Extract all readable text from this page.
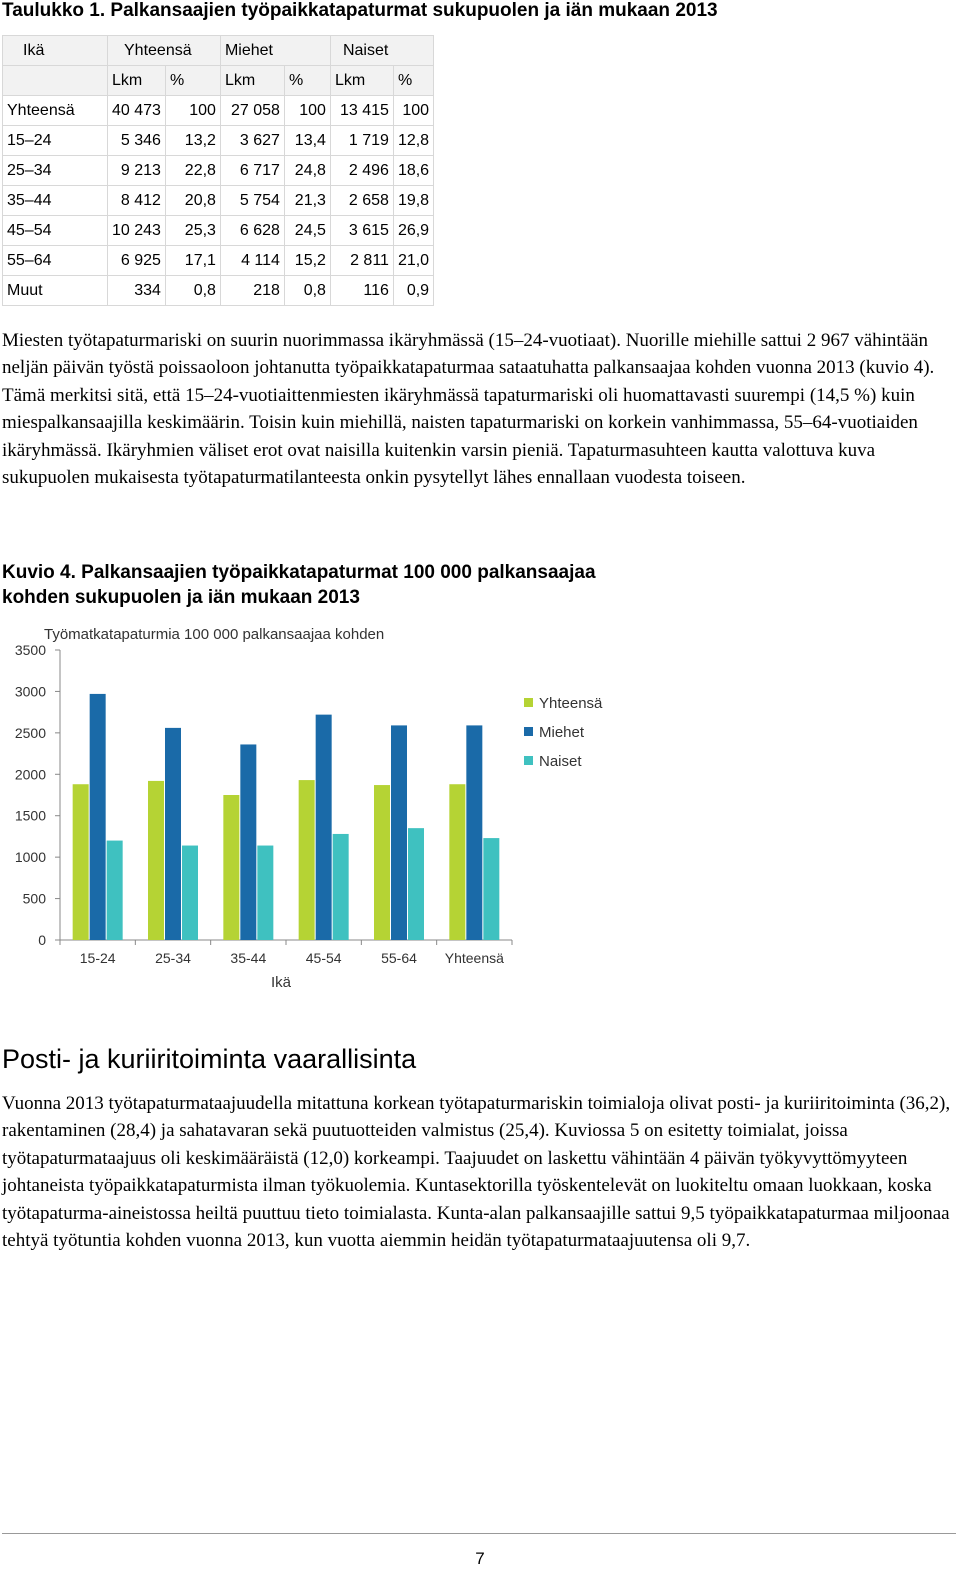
Taulukko 1. Palkansaajien työpaikkatapaturmat sukupuolen ja iän mukaan 2013
Ikä	Yhteensä		Miehet		Naiset	
	Lkm	%	Lkm	%	Lkm	%
Yhteensä	40 473	100	27 058	100	13 415	100
15–24	5 346	13,2	3 627	13,4	1 719	12,8
25–34	9 213	22,8	6 717	24,8	2 496	18,6
35–44	8 412	20,8	5 754	21,3	2 658	19,8
45–54	10 243	25,3	6 628	24,5	3 615	26,9
55–64	6 925	17,1	4 114	15,2	2 811	21,0
Muut	334	0,8	218	0,8	116	0,9

Miesten työtapaturmariski on suurin nuorimmassa ikäryhmässä (15–24-vuotiaat). Nuorille miehille sattui 2 967 vähintään neljän päivän työstä poissaoloon johtanutta työpaikkatapaturmaa sataatuhatta palkansaajaa kohden vuonna 2013 (kuvio 4). Tämä merkitsi sitä, että 15–24-vuotiaittenmiesten ikäryhmässä tapaturmariski oli huomattavasti suurempi (14,5 %) kuin miespalkansaajilla keskimäärin. Toisin kuin miehillä, naisten tapaturmariski on korkein vanhimmassa, 55–64-vuotiaiden ikäryhmässä. Ikäryhmien väliset erot ovat naisilla kuitenkin varsin pieniä. Tapaturmasuhteen kautta valottuva kuva sukupuolen mukaisesta työtapaturmatilanteesta onkin pysytellyt lähes ennallaan vuodesta toiseen.

Kuvio 4. Palkansaajien työpaikkatapaturmat 100 000 palkansaajaa
kohden sukupuolen ja iän mukaan 2013
Työmatkatapaturmia 100 000 palkansaajaa kohden
0
500
1000
1500
2000
2500
3000
3500
15-24	25-34	35-44	45-54	55-64 Yhteensä
Yhteensä
Miehet
Naiset
Ikä
Posti- ja kuriiritoiminta vaarallisinta

Vuonna 2013 työtapaturmataajuudella mitattuna korkean työtapaturmariskin toimialoja olivat posti- ja kuriiritoiminta (36,2), rakentaminen (28,4) ja sahatavaran sekä puutuotteiden valmistus (25,4). Kuviossa 5 on esitetty toimialat, joissa työtapaturmataajuus oli keskimääräistä (12,0) korkeampi. Taajuudet on laskettu vähintään 4 päivän työkyvyttömyyteen johtaneista työpaikkatapaturmista ilman työkuolemia. Kuntasektorilla työskentelevät on luokiteltu omaan luokkaan, koska työtapaturma-aineistossa heiltä puuttuu tieto toimialasta. Kunta-alan palkansaajille sattui 9,5 työpaikkatapaturmaa miljoonaa tehtyä työtuntia kohden vuonna 2013, kun vuotta aiemmin heidän työtapaturmataajuutensa oli 9,7.

7
